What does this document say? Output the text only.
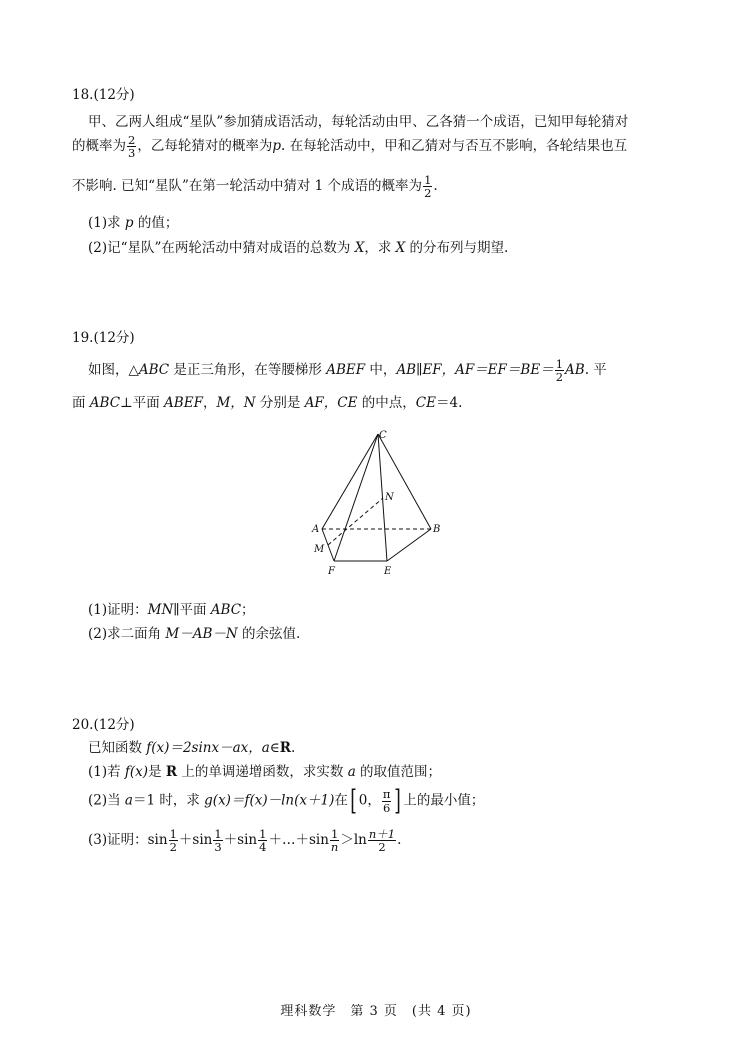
18.(12分)
甲、乙两人组成“星队”参加猜成语活动，每轮活动由甲、乙各猜一个成语，已知甲每轮猜对
的概率为 $\frac{2}{3}$ ，乙每轮猜对的概率为p. 在每轮活动中，甲和乙猜对与否互不影响，各轮结果也互
不影响. 已知“星队”在第一轮活动中猜对 1 个成语的概率为 $\frac{1}{2}$ .
(1)求 p 的值；
(2)记“星队”在两轮活动中猜对成语的总数为 X，求 X 的分布列与期望.
19.(12分)
如图，△ABC 是正三角形，在等腰梯形 ABEF 中，AB∥EF，$AF=EF=BE= \frac{1}{2}$ AB. 平
面 ABC⊥平面 ABEF，M，N 分别是 AF，CE 的中点，CE＝4.
C
N
A	B
M
F	E
(1)证明：MN∥平面 ABC；
(2)求二面角 M－AB－N 的余弦值.
20.(12分)
已知函数 f(x)＝2sinx－ax，a∈R.
(1)若 f(x)是 R 上的单调递增函数，求实数 a 的取值范围；
(2)当 a＝1 时，求 g(x)＝f(x)－ln(x＋1)在[ 0， $\frac{\pi}{6}$ ] 上的最小值；
(3)证明：$\sin \frac{1}{2} +\sin \frac{1}{3} +\sin \frac{1}{4}$ ＋…＋sin $\frac{1}{n} >\ln \frac{n+1}{2}$ .
理科数学　第 3 页　(共 4 页)
